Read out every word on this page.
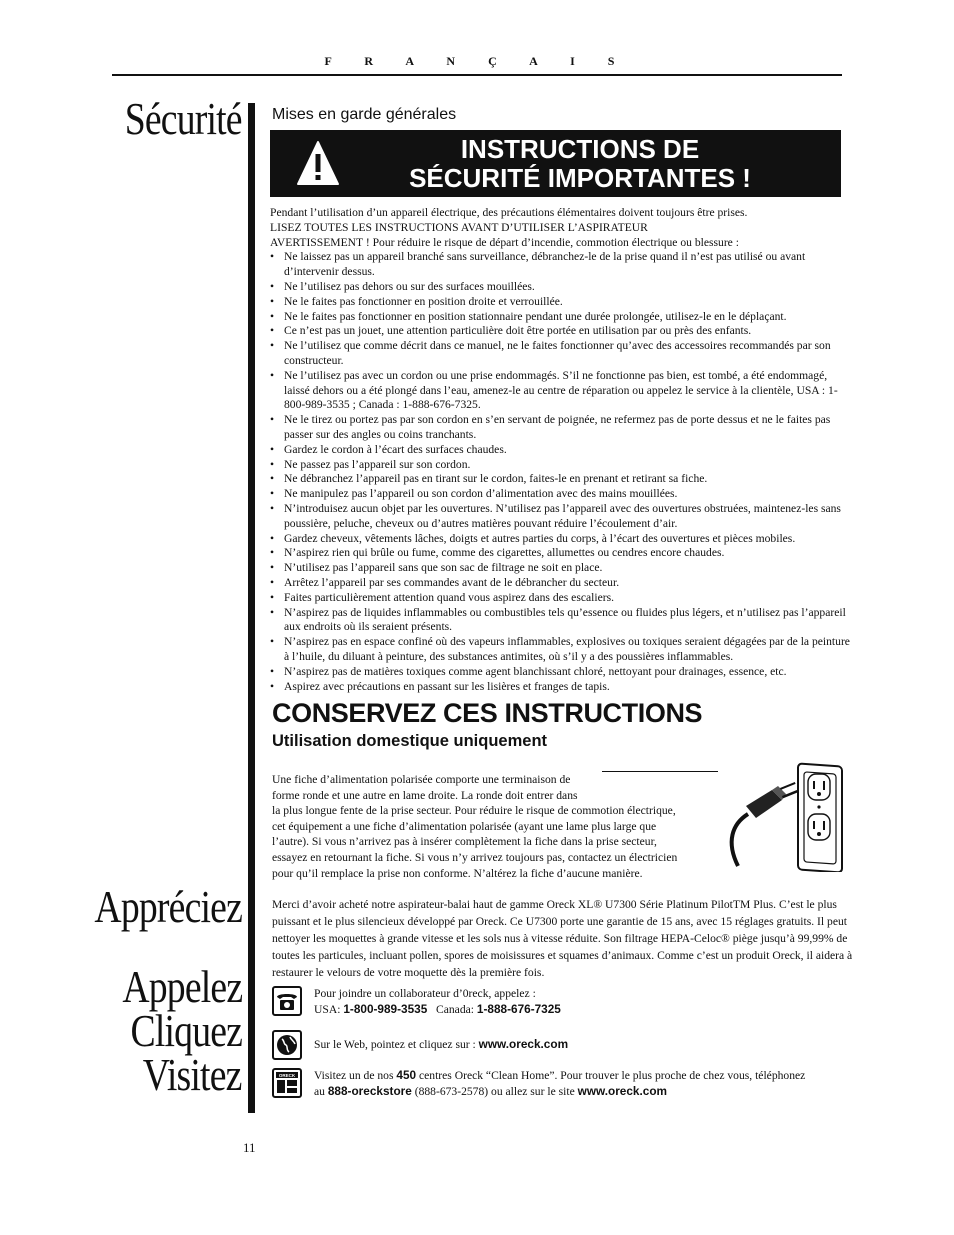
F R A N Ç A I S
Sécurité
Appréciez
Appelez
Cliquez
Visitez
Mises en garde générales
INSTRUCTIONS DE
SÉCURITÉ IMPORTANTES !

Pendant l’utilisation d’un appareil électrique, des précautions élémentaires doivent toujours être prises.

LISEZ TOUTES LES INSTRUCTIONS AVANT D’UTILISER L’ASPIRATEUR

AVERTISSEMENT ! Pour réduire le risque de départ d’incendie, commotion électrique ou blessure :

• Ne laissez pas un appareil branché sans surveillance, débranchez-le de la prise quand il n’est pas utilisé ou avant d’intervenir dessus.
• Ne l’utilisez pas dehors ou sur des surfaces mouillées.
• Ne le faites pas fonctionner en position droite et verrouillée.
• Ne le faites pas fonctionner en position stationnaire pendant une durée prolongée, utilisez-le en le déplaçant.
• Ce n’est pas un jouet, une attention particulière doit être portée en utilisation par ou près des enfants.
• Ne l’utilisez que comme décrit dans ce manuel, ne le faites fonctionner qu’avec des accessoires recommandés par son constructeur.
• Ne l’utilisez pas avec un cordon ou une prise endommagés. S’il ne fonctionne pas bien, est tombé, a été endommagé, laissé dehors ou a été plongé dans l’eau, amenez-le au centre de réparation ou appelez le service à la clientèle, USA : 1-800-989-3535 ; Canada : 1-888-676-7325.
• Ne le tirez ou portez pas par son cordon en s’en servant de poignée, ne refermez pas de porte dessus et ne le faites pas passer sur des angles ou coins tranchants.
• Gardez le cordon à l’écart des surfaces chaudes.
• Ne passez pas l’appareil sur son cordon.
• Ne débranchez l’appareil pas en tirant sur le cordon, faites-le en prenant et retirant sa fiche.
• Ne manipulez pas l’appareil ou son cordon d’alimentation avec des mains mouillées.
• N’introduisez aucun objet par les ouvertures. N’utilisez pas l’appareil avec des ouvertures obstruées, maintenez-les sans poussière, peluche, cheveux ou d’autres matières pouvant réduire l’écoulement d’air.
• Gardez cheveux, vêtements lâches, doigts et autres parties du corps, à l’écart des ouvertures et pièces mobiles.
• N’aspirez rien qui brûle ou fume, comme des cigarettes, allumettes ou cendres encore chaudes.
• N’utilisez pas l’appareil sans que son sac de filtrage ne soit en place.
• Arrêtez l’appareil par ses commandes avant de le débrancher du secteur.
• Faites particulièrement attention quand vous aspirez dans des escaliers.
• N’aspirez pas de liquides inflammables ou combustibles tels qu’essence ou fluides plus légers, et n’utilisez pas l’appareil aux endroits où ils seraient présents.
• N’aspirez pas en espace confiné où des vapeurs inflammables, explosives ou toxiques seraient dégagées par de la peinture à l’huile, du diluant à peinture, des substances antimites, où s’il y a des poussières inflammables.
• N’aspirez pas de matières toxiques comme agent blanchissant chloré, nettoyant pour drainages, essence, etc.
• Aspirez avec précautions en passant sur les lisières et franges de tapis.
CONSERVEZ CES INSTRUCTIONS
Utilisation domestique uniquement
Une fiche d’alimentation polarisée comporte une terminaison de
forme ronde et une autre en lame droite. La ronde doit entrer dans
la plus longue fente de la prise secteur. Pour réduire le risque de commotion électrique,
cet équipement a une fiche d’alimentation polarisée (ayant une lame plus large que
l’autre). Si vous n’arrivez pas à insérer complètement la fiche dans la prise secteur,
essayez en retournant la fiche. Si vous n’y arrivez toujours pas, contactez un électricien
pour qu’il remplace la prise non conforme. N’altérez la fiche d’aucune manière.
Merci d’avoir acheté notre aspirateur-balai haut de gamme Oreck XL® U7300 Série Platinum PilotTM Plus. C’est le plus puissant et le plus silencieux développé par Oreck. Ce U7300 porte une garantie de 15 ans, avec 15 réglages gratuits. Il peut nettoyer les moquettes à grande vitesse et les sols nus à vitesse réduite. Son filtrage HEPA-Celoc® piège jusqu’à 99,99% de toutes les particules, incluant pollen, spores de moisissures et squames d’animaux. Comme c’est un produit Oreck, il aidera à restaurer le velours de votre moquette dès la première fois.
Pour joindre un collaborateur d’0reck, appelez :
USA: 1-800-989-3535 Canada: 1-888-676-7325
Sur le Web, pointez et cliquez sur : www.oreck.com
ORECK Visitez un de nos 450 centres Oreck “Clean Home”. Pour trouver le plus proche de chez vous, téléphonez
au 888-oreckstore (888-673-2578) ou allez sur le site www.oreck.com
11
